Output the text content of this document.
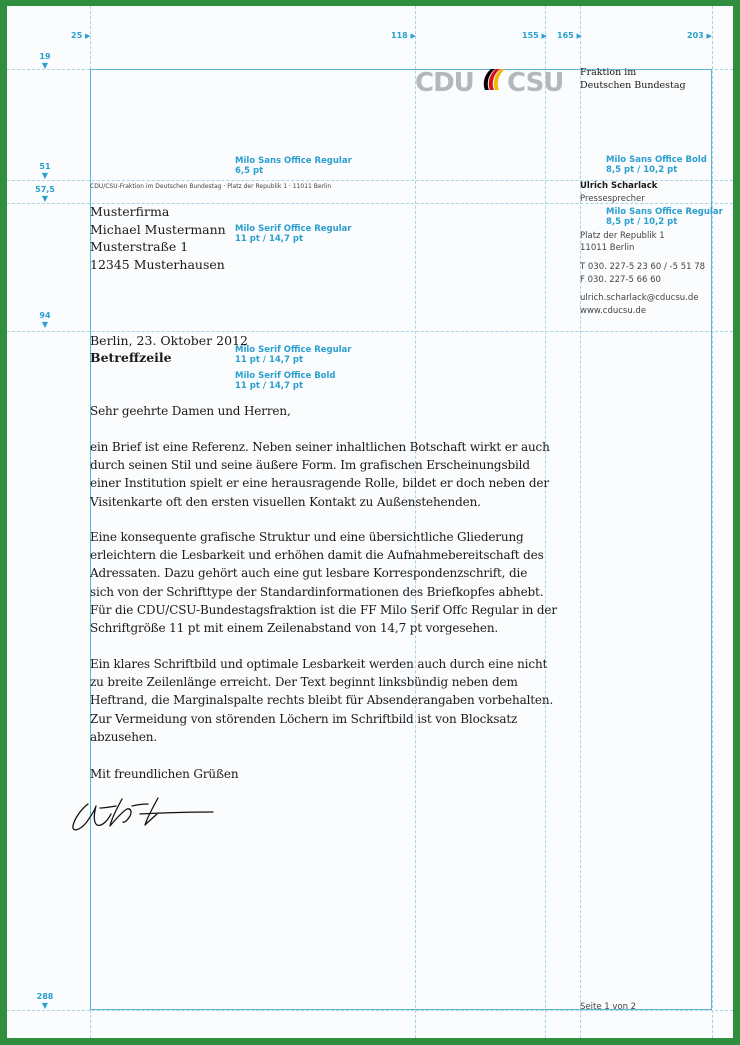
25 ▶	118 ▶	155 ▶ 165 ▶	203 ▶
19
▼
51
▼
57,5
▼
94
▼
288
▼
CDU CSU Fraktion im
Deutschen Bundestag
Milo Sans Office Regular
6,5 pt
Milo Serif Office Regular
11 pt / 14,7 pt
Milo Serif Office Regular
11 pt / 14,7 pt
Milo Serif Office Bold
11 pt / 14,7 pt
Milo Sans Office Bold
8,5 pt / 10,2 pt
Milo Sans Office Regular
8,5 pt / 10,2 pt
CDU/CSU-Fraktion im Deutschen Bundestag · Platz der Republik 1 · 11011 Berlin
Musterfirma
Michael Mustermann
Musterstraße 1
12345 Musterhausen
Ulrich Scharlack
Pressesprecher
Platz der Republik 1
11011 Berlin
T 030. 227-5 23 60 / -5 51 78
F 030. 227-5 66 60
ulrich.scharlack@cducsu.de
www.cducsu.de
Berlin, 23. Oktober 2012
Betreffzeile
Sehr geehrte Damen und Herren,
ein Brief ist eine Referenz. Neben seiner inhaltlichen Botschaft wirkt er auch
durch seinen Stil und seine äußere Form. Im grafischen Erscheinungsbild
einer Institution spielt er eine herausragende Rolle, bildet er doch neben der
Visitenkarte oft den ersten visuellen Kontakt zu Außenstehenden.
Eine konsequente grafische Struktur und eine übersichtliche Gliederung
erleichtern die Lesbarkeit und erhöhen damit die Aufnahmebereitschaft des
Adressaten. Dazu gehört auch eine gut lesbare Korrespondenzschrift, die
sich von der Schrifttype der Standardinformationen des Briefkopfes abhebt.
Für die CDU/CSU-Bundestagsfraktion ist die FF Milo Serif Offc Regular in der
Schriftgröße 11 pt mit einem Zeilenabstand von 14,7 pt vorgesehen.
Ein klares Schriftbild und optimale Lesbarkeit werden auch durch eine nicht
zu breite Zeilenlänge erreicht. Der Text beginnt linksbündig neben dem
Heftrand, die Marginalspalte rechts bleibt für Absenderangaben vorbehalten.
Zur Vermeidung von störenden Löchern im Schriftbild ist von Blocksatz
abzusehen.
Mit freundlichen Grüßen
Seite 1 von 2
